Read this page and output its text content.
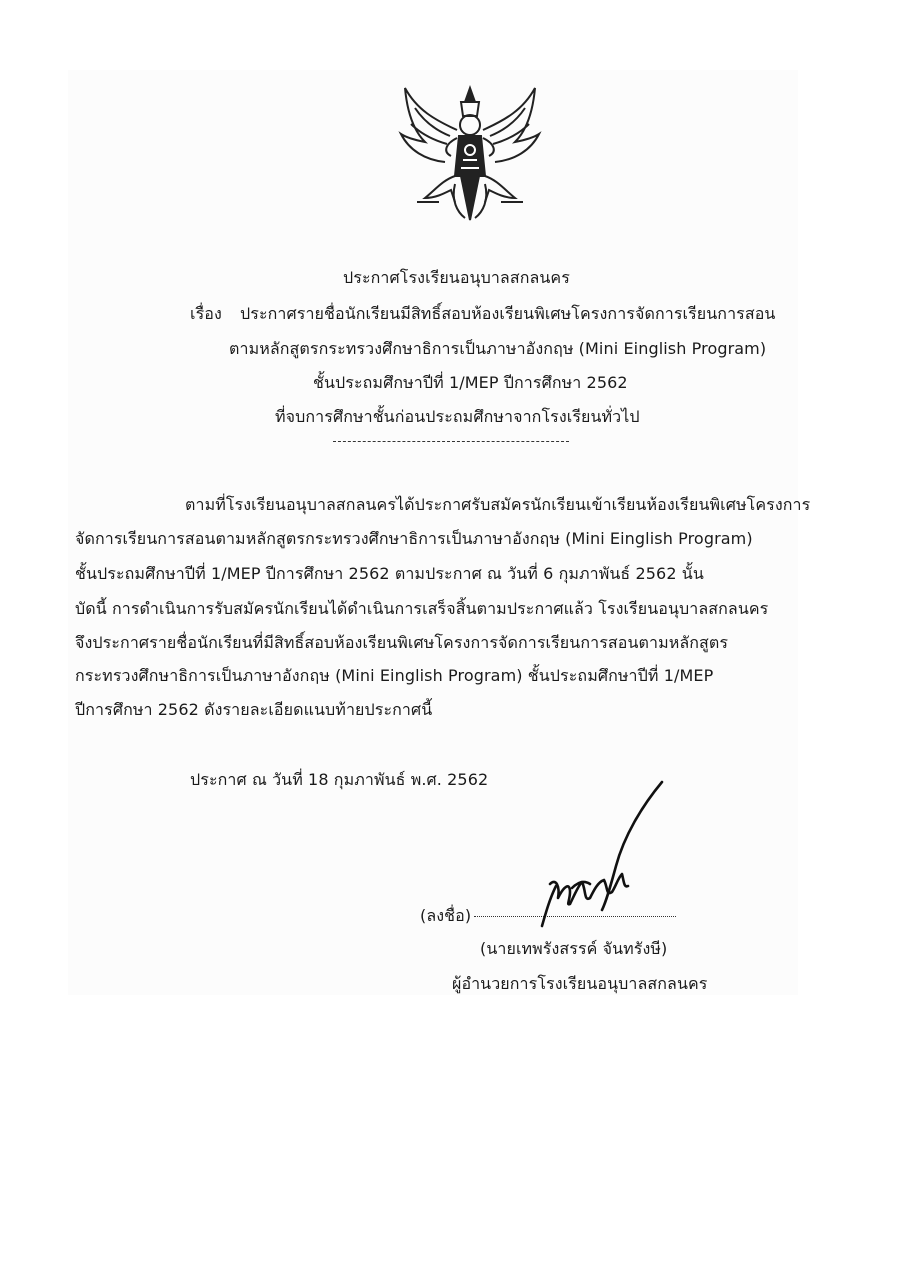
ประกาศโรงเรียนอนุบาลสกลนคร
เรื่อง ประกาศรายชื่อนักเรียนมีสิทธิ์สอบห้องเรียนพิเศษโครงการจัดการเรียนการสอน
ตามหลักสูตรกระทรวงศึกษาธิการเป็นภาษาอังกฤษ (Mini Einglish Program)
ชั้นประถมศึกษาปีที่ 1/MEP ปีการศึกษา 2562
ที่จบการศึกษาชั้นก่อนประถมศึกษาจากโรงเรียนทั่วไป
ตามที่โรงเรียนอนุบาลสกลนครได้ประกาศรับสมัครนักเรียนเข้าเรียนห้องเรียนพิเศษโครงการ
จัดการเรียนการสอนตามหลักสูตรกระทรวงศึกษาธิการเป็นภาษาอังกฤษ (Mini Einglish Program)
ชั้นประถมศึกษาปีที่ 1/MEP ปีการศึกษา 2562 ตามประกาศ ณ วันที่ 6 กุมภาพันธ์ 2562 นั้น
บัดนี้ การดำเนินการรับสมัครนักเรียนได้ดำเนินการเสร็จสิ้นตามประกาศแล้ว โรงเรียนอนุบาลสกลนคร
จึงประกาศรายชื่อนักเรียนที่มีสิทธิ์สอบห้องเรียนพิเศษโครงการจัดการเรียนการสอนตามหลักสูตร
กระทรวงศึกษาธิการเป็นภาษาอังกฤษ (Mini Einglish Program) ชั้นประถมศึกษาปีที่ 1/MEP
ปีการศึกษา 2562 ดังรายละเอียดแนบท้ายประกาศนี้
ประกาศ ณ วันที่ 18 กุมภาพันธ์ พ.ศ. 2562
(ลงชื่อ)
(นายเทพรังสรรค์ จันทรังษี)
ผู้อำนวยการโรงเรียนอนุบาลสกลนคร
